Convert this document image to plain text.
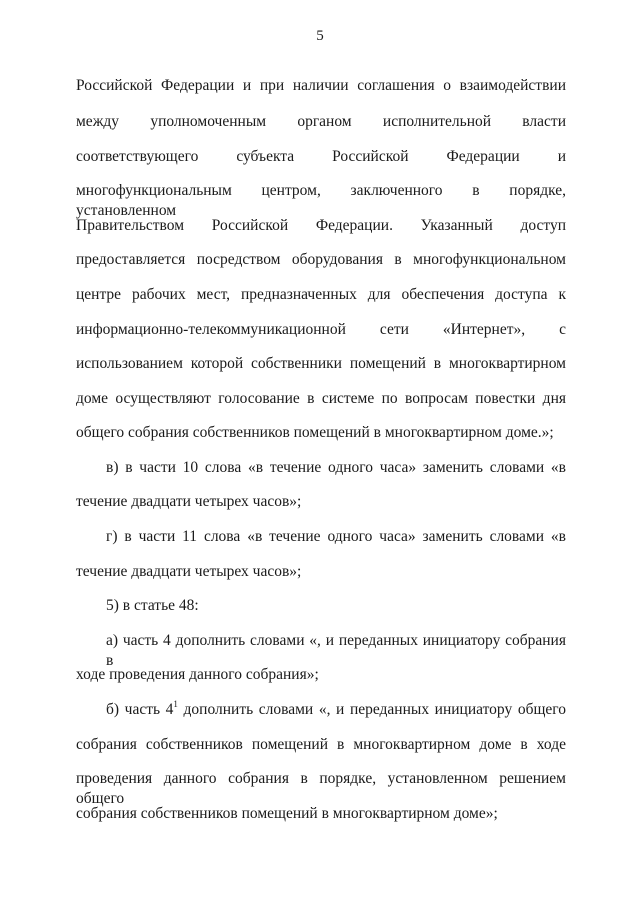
5
Российской Федерации и при наличии соглашения о взаимодействии
между уполномоченным органом исполнительной власти
соответствующего субъекта Российской Федерации и
многофункциональным центром, заключенного в порядке, установленном
Правительством Российской Федерации. Указанный доступ
предоставляется посредством оборудования в многофункциональном
центре рабочих мест, предназначенных для обеспечения доступа к
информационно-телекоммуникационной сети «Интернет», с
использованием которой собственники помещений в многоквартирном
доме осуществляют голосование в системе по вопросам повестки дня
общего собрания собственников помещений в многоквартирном доме.»;
в) в части 10 слова «в течение одного часа» заменить словами «в
течение двадцати четырех часов»;
г) в части 11 слова «в течение одного часа» заменить словами «в
течение двадцати четырех часов»;
5) в статье 48:
а) часть 4 дополнить словами «, и переданных инициатору собрания в
ходе проведения данного собрания»;
б) часть $4^1$ дополнить словами «, и переданных инициатору общего
собрания собственников помещений в многоквартирном доме в ходе
проведения данного собрания в порядке, установленном решением общего
собрания собственников помещений в многоквартирном доме»;
